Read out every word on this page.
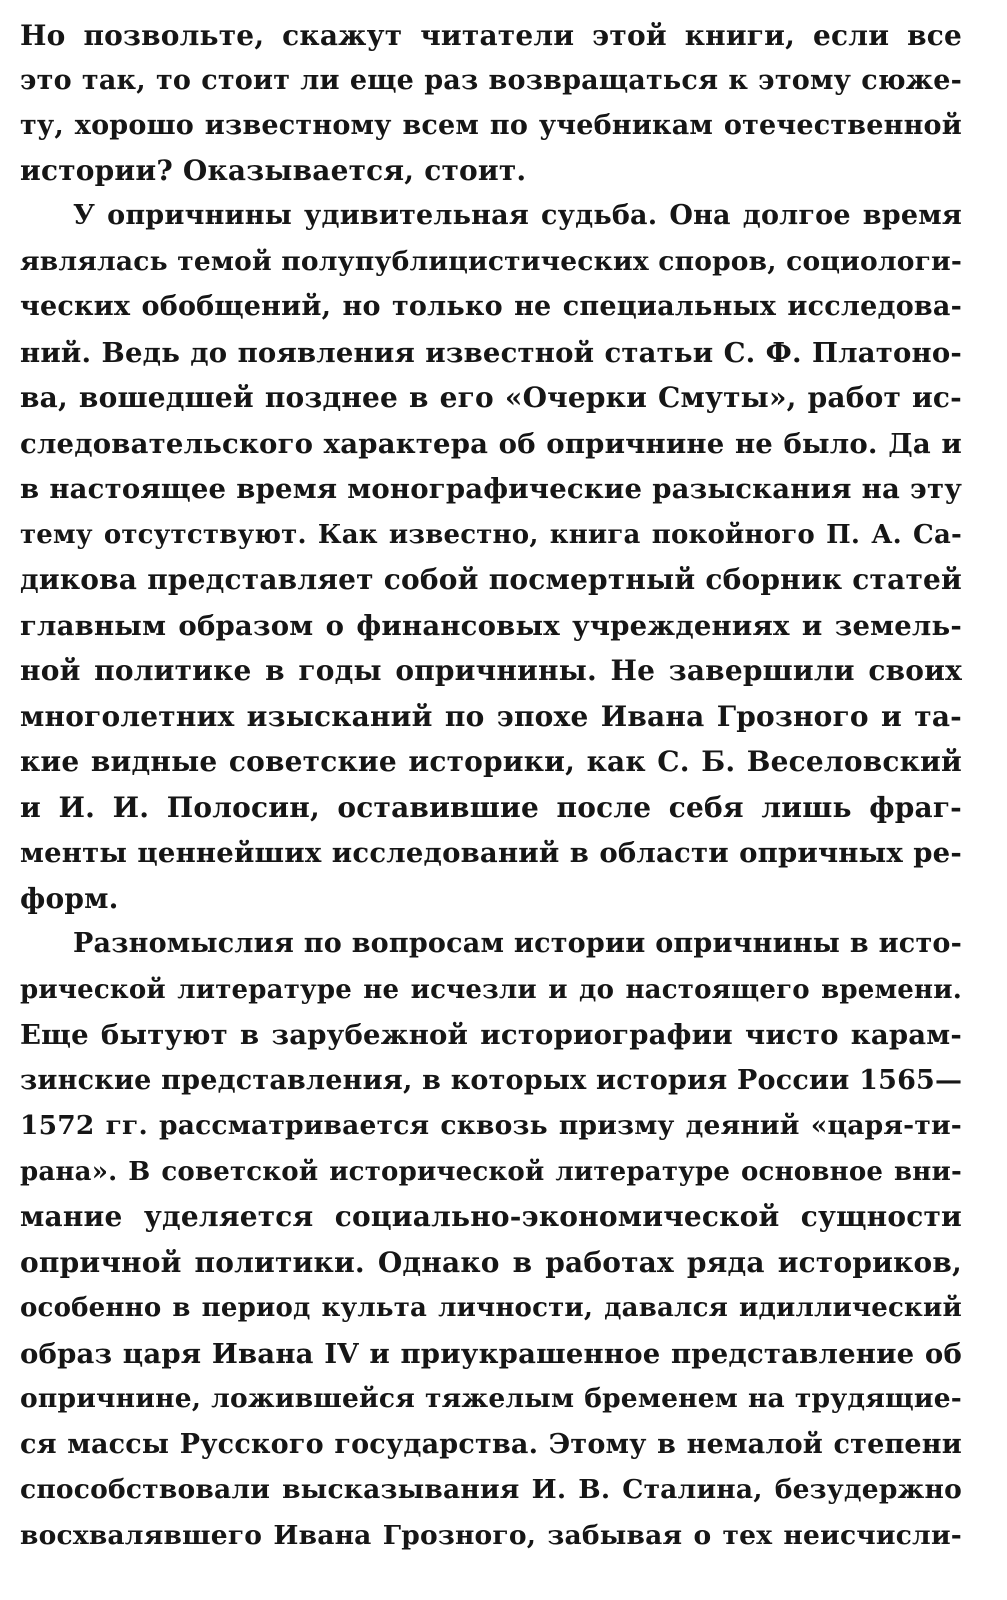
Но позвольте, скажут читатели этой книги, если все
это так, то стоит ли еще раз возвращаться к этому сюже-
ту, хорошо известному всем по учебникам отечественной
истории? Оказывается, стоит.
У опричнины удивительная судьба. Она долгое время
являлась темой полупублицистических споров, социологи-
ческих обобщений, но только не специальных исследова-
ний. Ведь до появления известной статьи С. Ф. Платоно-
ва, вошедшей позднее в его «Очерки Смуты», работ ис-
следовательского характера об опричнине не было. Да и
в настоящее время монографические разыскания на эту
тему отсутствуют. Как известно, книга покойного П. А. Са-
дикова представляет собой посмертный сборник статей
главным образом о финансовых учреждениях и земель-
ной политике в годы опричнины. Не завершили своих
многолетних изысканий по эпохе Ивана Грозного и та-
кие видные советские историки, как С. Б. Веселовский
и И. И. Полосин, оставившие после себя лишь фраг-
менты ценнейших исследований в области опричных ре-
форм.
Разномыслия по вопросам истории опричнины в исто-
рической литературе не исчезли и до настоящего времени.
Еще бытуют в зарубежной историографии чисто карам-
зинские представления, в которых история России 1565—
1572 гг. рассматривается сквозь призму деяний «царя-ти-
рана». В советской исторической литературе основное вни-
мание уделяется социально-экономической сущности
опричной политики. Однако в работах ряда историков,
особенно в период культа личности, давался идиллический
образ царя Ивана IV и приукрашенное представление об
опричнине, ложившейся тяжелым бременем на трудящие-
ся массы Русского государства. Этому в немалой степени
способствовали высказывания И. В. Сталина, безудержно
восхвалявшего Ивана Грозного, забывая о тех неисчисли-
